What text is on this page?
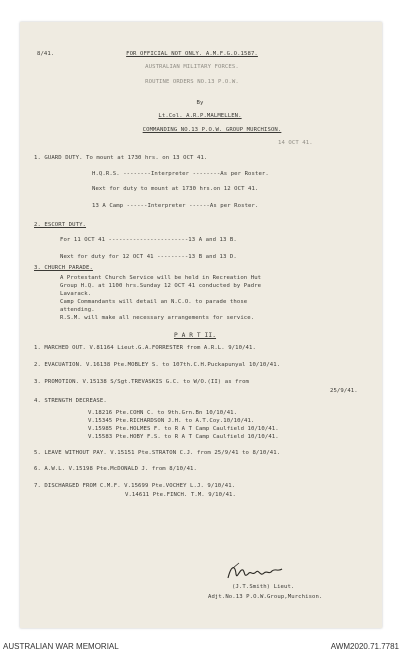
8/41.	FOR OFFICIAL NOT ONLY. A.M.F.G.O.1587.
AUSTRALIAN MILITARY FORCES.
ROUTINE ORDERS NO.13 P.O.W.
By
Lt.Col. A.R.P.MALMELLEN.
COMMANDING NO.13 P.O.W. GROUP MURCHISON.
14 OCT 41.
1. GUARD DUTY. To mount at 1730 hrs. on 13 OCT 41.
H.Q.R.S. --------Interpreter --------As per Roster.
Next for duty to mount at 1730 hrs.on 12 OCT 41.
13 A Camp ------Interpreter ------As per Roster.
2. ESCORT DUTY.
For 11 OCT 41 -----------------------13 A and 13 B.
Next for duty for 12 OCT 41 ---------13 B and 13 D.
3. CHURCH PARADE.
A Protestant Church Service will be held in Recreation Hut
Group H.Q. at 1100 hrs.Sunday 12 OCT 41 conducted by Padre
Lavarack.
Camp Commandants will detail an N.C.O. to parade those
attending.
R.S.M. will make all necessary arrangements for service.
P A R T II.
1. MARCHED OUT. V.81164 Lieut.G.A.FORRESTER from A.R.L. 9/10/41.
2. EVACUATION. V.16138 Pte.MOBLEY S. to 107th.C.H.Puckapunyal 10/10/41.
3. PROMOTION. V.15138 S/Sgt.TREVASKIS G.C. to W/O.(II) as from
25/9/41.
4. STRENGTH DECREASE.
V.18216 Pte.COHN C. to 9th.Grn.Bn 10/10/41.
V.15345 Pte.RICHARDSON J.H. to A.T.Coy.10/10/41.
V.15985 Pte.HOLMES F. to R A T Camp Caulfield 10/10/41.
V.15583 Pte.HOBY F.S. to R A T Camp Caulfield 10/10/41.
5. LEAVE WITHOUT PAY. V.15151 Pte.STRATON C.J. from 25/9/41 to 8/10/41.
6. A.W.L. V.15198 Pte.McDONALD J. from 8/10/41.
7. DISCHARGED FROM C.M.F. V.15699 Pte.VOCHEY L.J. 9/10/41.
V.14611 Pte.FINCH. T.M. 9/10/41.
(J.T.Smith) Lieut.
Adjt.No.13 P.O.W.Group,Murchison.
AUSTRALIAN WAR MEMORIAL	AWM2020.71.7781
